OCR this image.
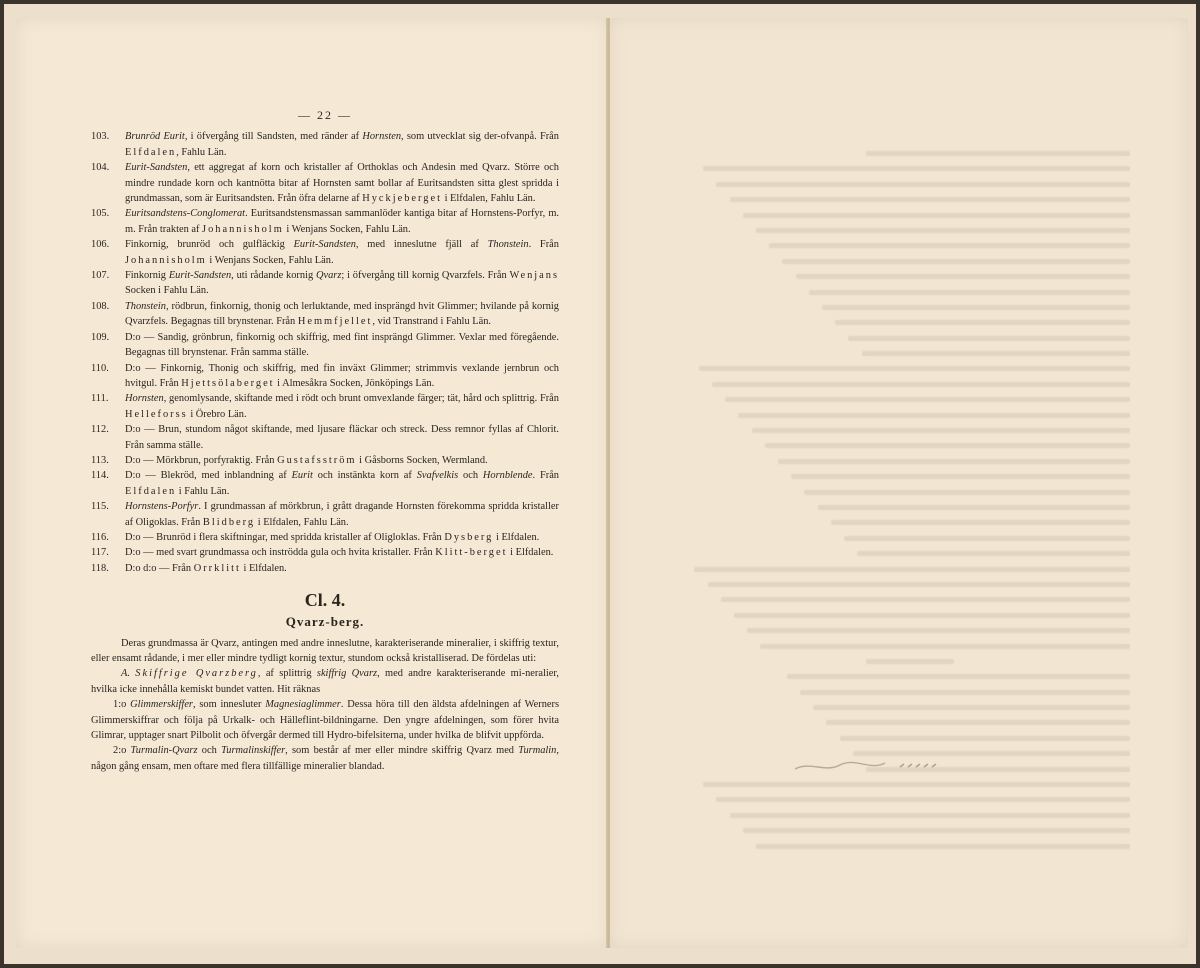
— 22 —
103. Brunröd Eurit, i öfvergång till Sandsten, med ränder af Hornsten, som utvecklat sig der-ofvanpå. Från Elfdalen, Fahlu Län.
104. Eurit-Sandsten, ett aggregat af korn och kristaller af Orthoklas och Andesin med Qvarz. Större och mindre rundade korn och kantnötta bitar af Hornsten samt bollar af Euritsandsten sitta glest spridda i grundmassan, som är Euritsandsten. Från öfra delarne af Hyckjeberget i Elfdalen, Fahlu Län.
105. Euritsandstens-Conglomerat. Euritsandstensmassan sammanlöder kantiga bitar af Hornstens-Porfyr, m. m. Från trakten af Johannisholm i Wenjans Socken, Fahlu Län.
106. Finkornig, brunröd och gulfläckig Eurit-Sandsten, med inneslutne fjäll af Thonstein. Från Johannisholm i Wenjans Socken, Fahlu Län.
107. Finkornig Eurit-Sandsten, uti rådande kornig Qvarz; i öfvergång till kornig Qvarzfels. Från Wenjans Socken i Fahlu Län.
108. Thonstein, rödbrun, finkornig, thonig och lerluktande, med insprängd hvit Glimmer; hvilande på kornig Qvarzfels. Begagnas till brynstenar. Från Hemmfjellet, vid Transtrand i Fahlu Län.
109. D:o — Sandig, grönbrun, finkornig och skiffrig, med fint insprängd Glimmer. Vexlar med föregående. Begagnas till brynstenar. Från samma ställe.
110. D:o — Finkornig, Thonig och skiffrig, med fin inväxt Glimmer; strimmvis vexlande jernbrun och hvitgul. Från Hjettsölaberget i Almesåkra Socken, Jönköpings Län.
111. Hornsten, genomlysande, skiftande med i rödt och brunt omvexlande färger; tät, hård och splittrig. Från Helleforss i Örebro Län.
112. D:o — Brun, stundom något skiftande, med ljusare fläckar och streck. Dess remnor fyllas af Chlorit. Från samma ställe.
113. D:o — Mörkbrun, porfyraktig. Från Gustafsström i Gåsborns Socken, Wermland.
114. D:o — Blekröd, med inblandning af Eurit och instänkta korn af Svafvelkis och Hornblende. Från Elfdalen i Fahlu Län.
115. Hornstens-Porfyr. I grundmassan af mörkbrun, i grått dragande Hornsten förekomma spridda kristaller af Oligoklas. Från Blidberg i Elfdalen, Fahlu Län.
116. D:o — Brunröd i flera skiftningar, med spridda kristaller af Oligloklas. Från Dysberg i Elfdalen.
117. D:o — med svart grundmassa och inströdda gula och hvita kristaller. Från Klitt-berget i Elfdalen.
118. D:o d:o — Från Orrklitt i Elfdalen.
Cl. 4.
Qvarz-berg.
Deras grundmassa är Qvarz, antingen med andre inneslutne, karakteriserande mineralier, i skiffrig textur, eller ensamt rådande, i mer eller mindre tydligt kornig textur, stundom också kristalliserad. De fördelas uti:
A. Skiffrige Qvarzberg, af splittrig skiffrig Qvarz, med andre karakteriserande mi-neralier, hvilka icke innehålla kemiskt bundet vatten. Hit räknas
1:o Glimmerskiffer, som innesluter Magnesiaglimmer. Dessa höra till den äldsta afdelningen af Werners Glimmerskiffrar och följa på Urkalk- och Hälleflint-bildningarne. Den yngre afdelningen, som förer hvita Glimrar, upptager snart Pilbolit och öfvergår dermed till Hydro-bifelsiterna, under hvilka de blifvit uppförda.
2:o Turmalin-Qvarz och Turmalinskiffer, som består af mer eller mindre skiffrig Qvarz med Turmalin, någon gång ensam, men oftare med flera tillfällige mineralier blandad.
